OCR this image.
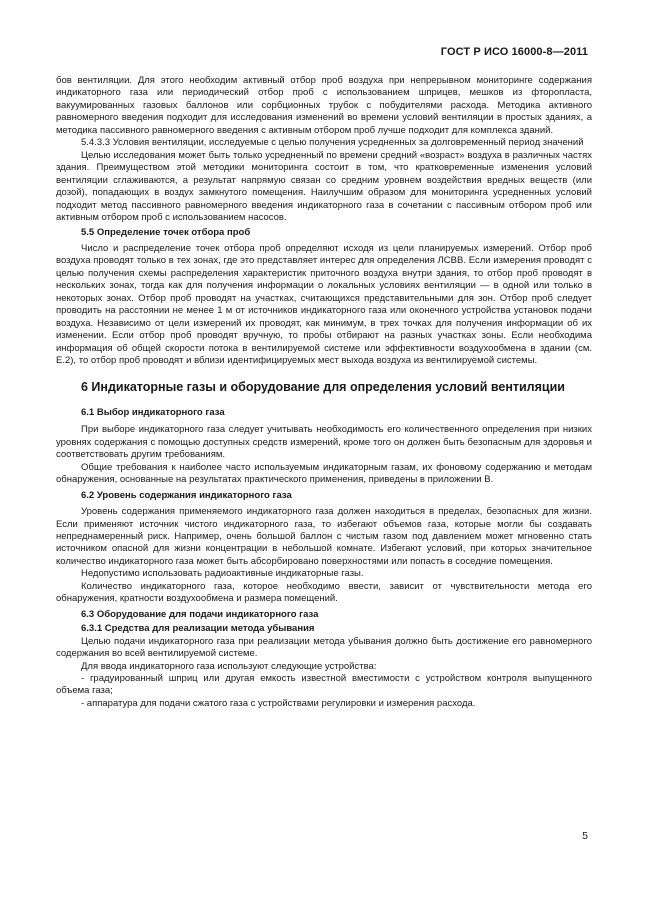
ГОСТ Р ИСО 16000-8—2011

бов вентиляции. Для этого необходим активный отбор проб воздуха при непрерывном мониторинге содержания индикаторного газа или периодический отбор проб с использованием шприцев, мешков из фторопласта, вакуумированных газовых баллонов или сорбционных трубок с побудителями расхода. Методика активного равномерного введения подходит для исследования изменений во времени условий вентиляции в простых зданиях, а методика пассивного равномерного введения с активным отбором проб лучше подходит для комплекса зданий.

5.4.3.3 Условия вентиляции, исследуемые с целью получения усредненных за долговременный период значений

Целью исследования может быть только усредненный по времени средний «возраст» воздуха в различных частях здания. Преимуществом этой методики мониторинга состоит в том, что кратковременные изменения условий вентиляции сглаживаются, а результат напрямую связан со средним уровнем воздействия вредных веществ (или дозой), попадающих в воздух замкнутого помещения. Наилучшим образом для мониторинга усредненных условий подходит метод пассивного равномерного введения индикаторного газа в сочетании с пассивным отбором проб или активным отбором проб с использованием насосов.

5.5 Определение точек отбора проб

Число и распределение точек отбора проб определяют исходя из цели планируемых измерений. Отбор проб воздуха проводят только в тех зонах, где это представляет интерес для определения ЛСВВ. Если измерения проводят с целью получения схемы распределения характеристик приточного воздуха внутри здания, то отбор проб проводят в нескольких зонах, тогда как для получения информации о локальных условиях вентиляции — в одной или только в некоторых зонах. Отбор проб проводят на участках, считающихся представительными для зон. Отбор проб следует проводить на расстоянии не менее 1 м от источников индикаторного газа или оконечного устройства установок подачи воздуха. Независимо от цели измерений их проводят, как минимум, в трех точках для получения информации об их изменении. Если отбор проб проводят вручную, то пробы отбирают на разных участках зоны. Если необходима информация об общей скорости потока в вентилируемой системе или эффективности воздухообмена в здании (см. Е.2), то отбор проб проводят и вблизи идентифицируемых мест выхода воздуха из вентилируемой системы.

6 Индикаторные газы и оборудование для определения условий вентиляции
6.1 Выбор индикаторного газа

При выборе индикаторного газа следует учитывать необходимость его количественного определения при низких уровнях содержания с помощью доступных средств измерений, кроме того он должен быть безопасным для здоровья и соответствовать другим требованиям.

Общие требования к наиболее часто используемым индикаторным газам, их фоновому содержанию и методам обнаружения, основанные на результатах практического применения, приведены в приложении В.

6.2 Уровень содержания индикаторного газа

Уровень содержания применяемого индикаторного газа должен находиться в пределах, безопасных для жизни. Если применяют источник чистого индикаторного газа, то избегают объемов газа, которые могли бы создавать непреднамеренный риск. Например, очень большой баллон с чистым газом под давлением может мгновенно стать источником опасной для жизни концентрации в небольшой комнате. Избегают условий, при которых значительное количество индикаторного газа может быть абсорбировано поверхностями или попасть в соседние помещения.

Недопустимо использовать радиоактивные индикаторные газы.

Количество индикаторного газа, которое необходимо ввести, зависит от чувствительности метода его обнаружения, кратности воздухообмена и размера помещений.

6.3 Оборудование для подачи индикаторного газа
6.3.1 Средства для реализации метода убывания

Целью подачи индикаторного газа при реализации метода убывания должно быть достижение его равномерного содержания во всей вентилируемой системе.

Для ввода индикаторного газа используют следующие устройства:

- градуированный шприц или другая емкость известной вместимости с устройством контроля выпущенного объема газа;

- аппаратура для подачи сжатого газа с устройствами регулировки и измерения расхода.

5
